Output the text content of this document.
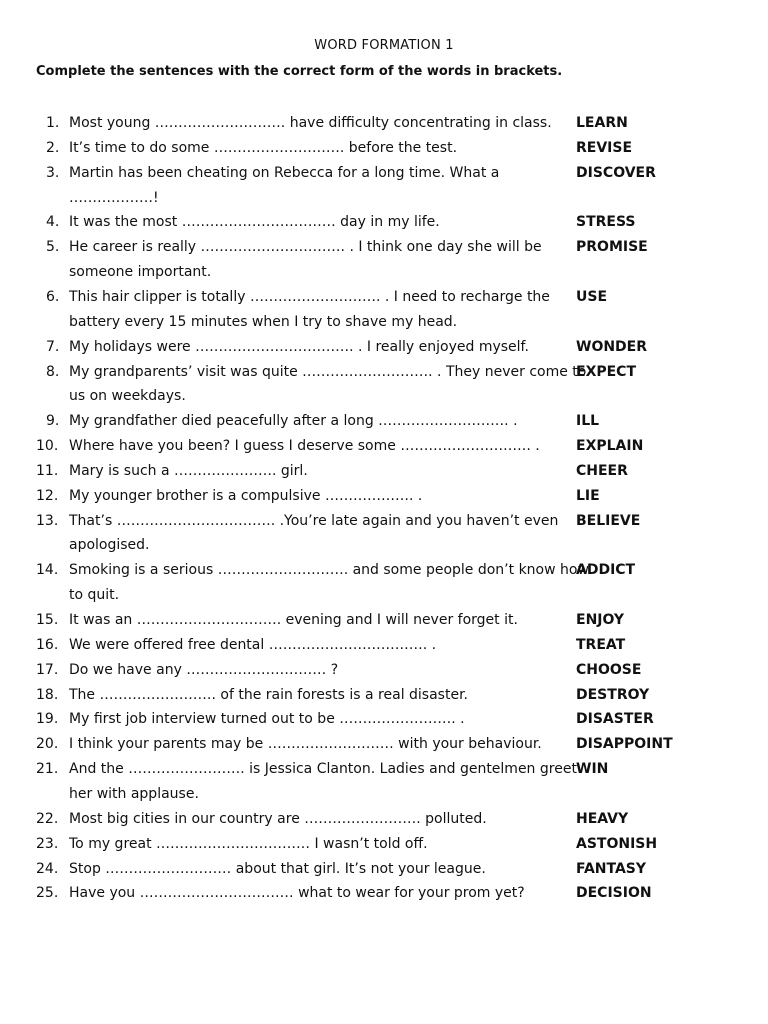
WORD FORMATION 1
Complete the sentences with the correct form of the words in brackets.
1. Most young ………………………. have difficulty concentrating in class. LEARN
2. It’s time to do some ………………………. before the test.	REVISE
3. Martin has been cheating on Rebecca for a long time. What a
………………!
DISCOVER
4. It was the most …………………………… day in my life.	STRESS
5. He career is really …………………………. . I think one day she will be
someone important.
PROMISE
6. This hair clipper is totally ………………………. . I need to recharge the
battery every 15 minutes when I try to shave my head.
USE
7. My holidays were ……………………………. . I really enjoyed myself.	WONDER
8. My grandparents’ visit was quite ………………………. . They never come to
us on weekdays.
EXPECT
9. My grandfather died peacefully after a long ………………………. .	ILL
10. Where have you been? I guess I deserve some ………………………. .	EXPLAIN
11. Mary is such a …………………. girl.	CHEER
12. My younger brother is a compulsive ………………. .	LIE
13. That’s ……………………………. .You’re late again and you haven’t even
apologised.
BELIEVE
14. Smoking is a serious ………………………. and some people don’t know how
to quit.
ADDICT
15. It was an …………………………. evening and I will never forget it.	ENJOY
16. We were offered free dental ……………………………. .	TREAT
17. Do we have any ………………………… ?	CHOOSE
18. The ……………………. of the rain forests is a real disaster.	DESTROY
19. My first job interview turned out to be ……………………. .	DISASTER
20. I think your parents may be ……………………… with your behaviour. DISAPPOINT
21. And the ……………………. is Jessica Clanton. Ladies and gentelmen greet
her with applause.
WIN
22. Most big cities in our country are ……………………. polluted.	HEAVY
23. To my great …………………………… I wasn’t told off.	ASTONISH
24. Stop ……………………… about that girl. It’s not your league.	FANTASY
25. Have you …………………………… what to wear for your prom yet?	DECISION
